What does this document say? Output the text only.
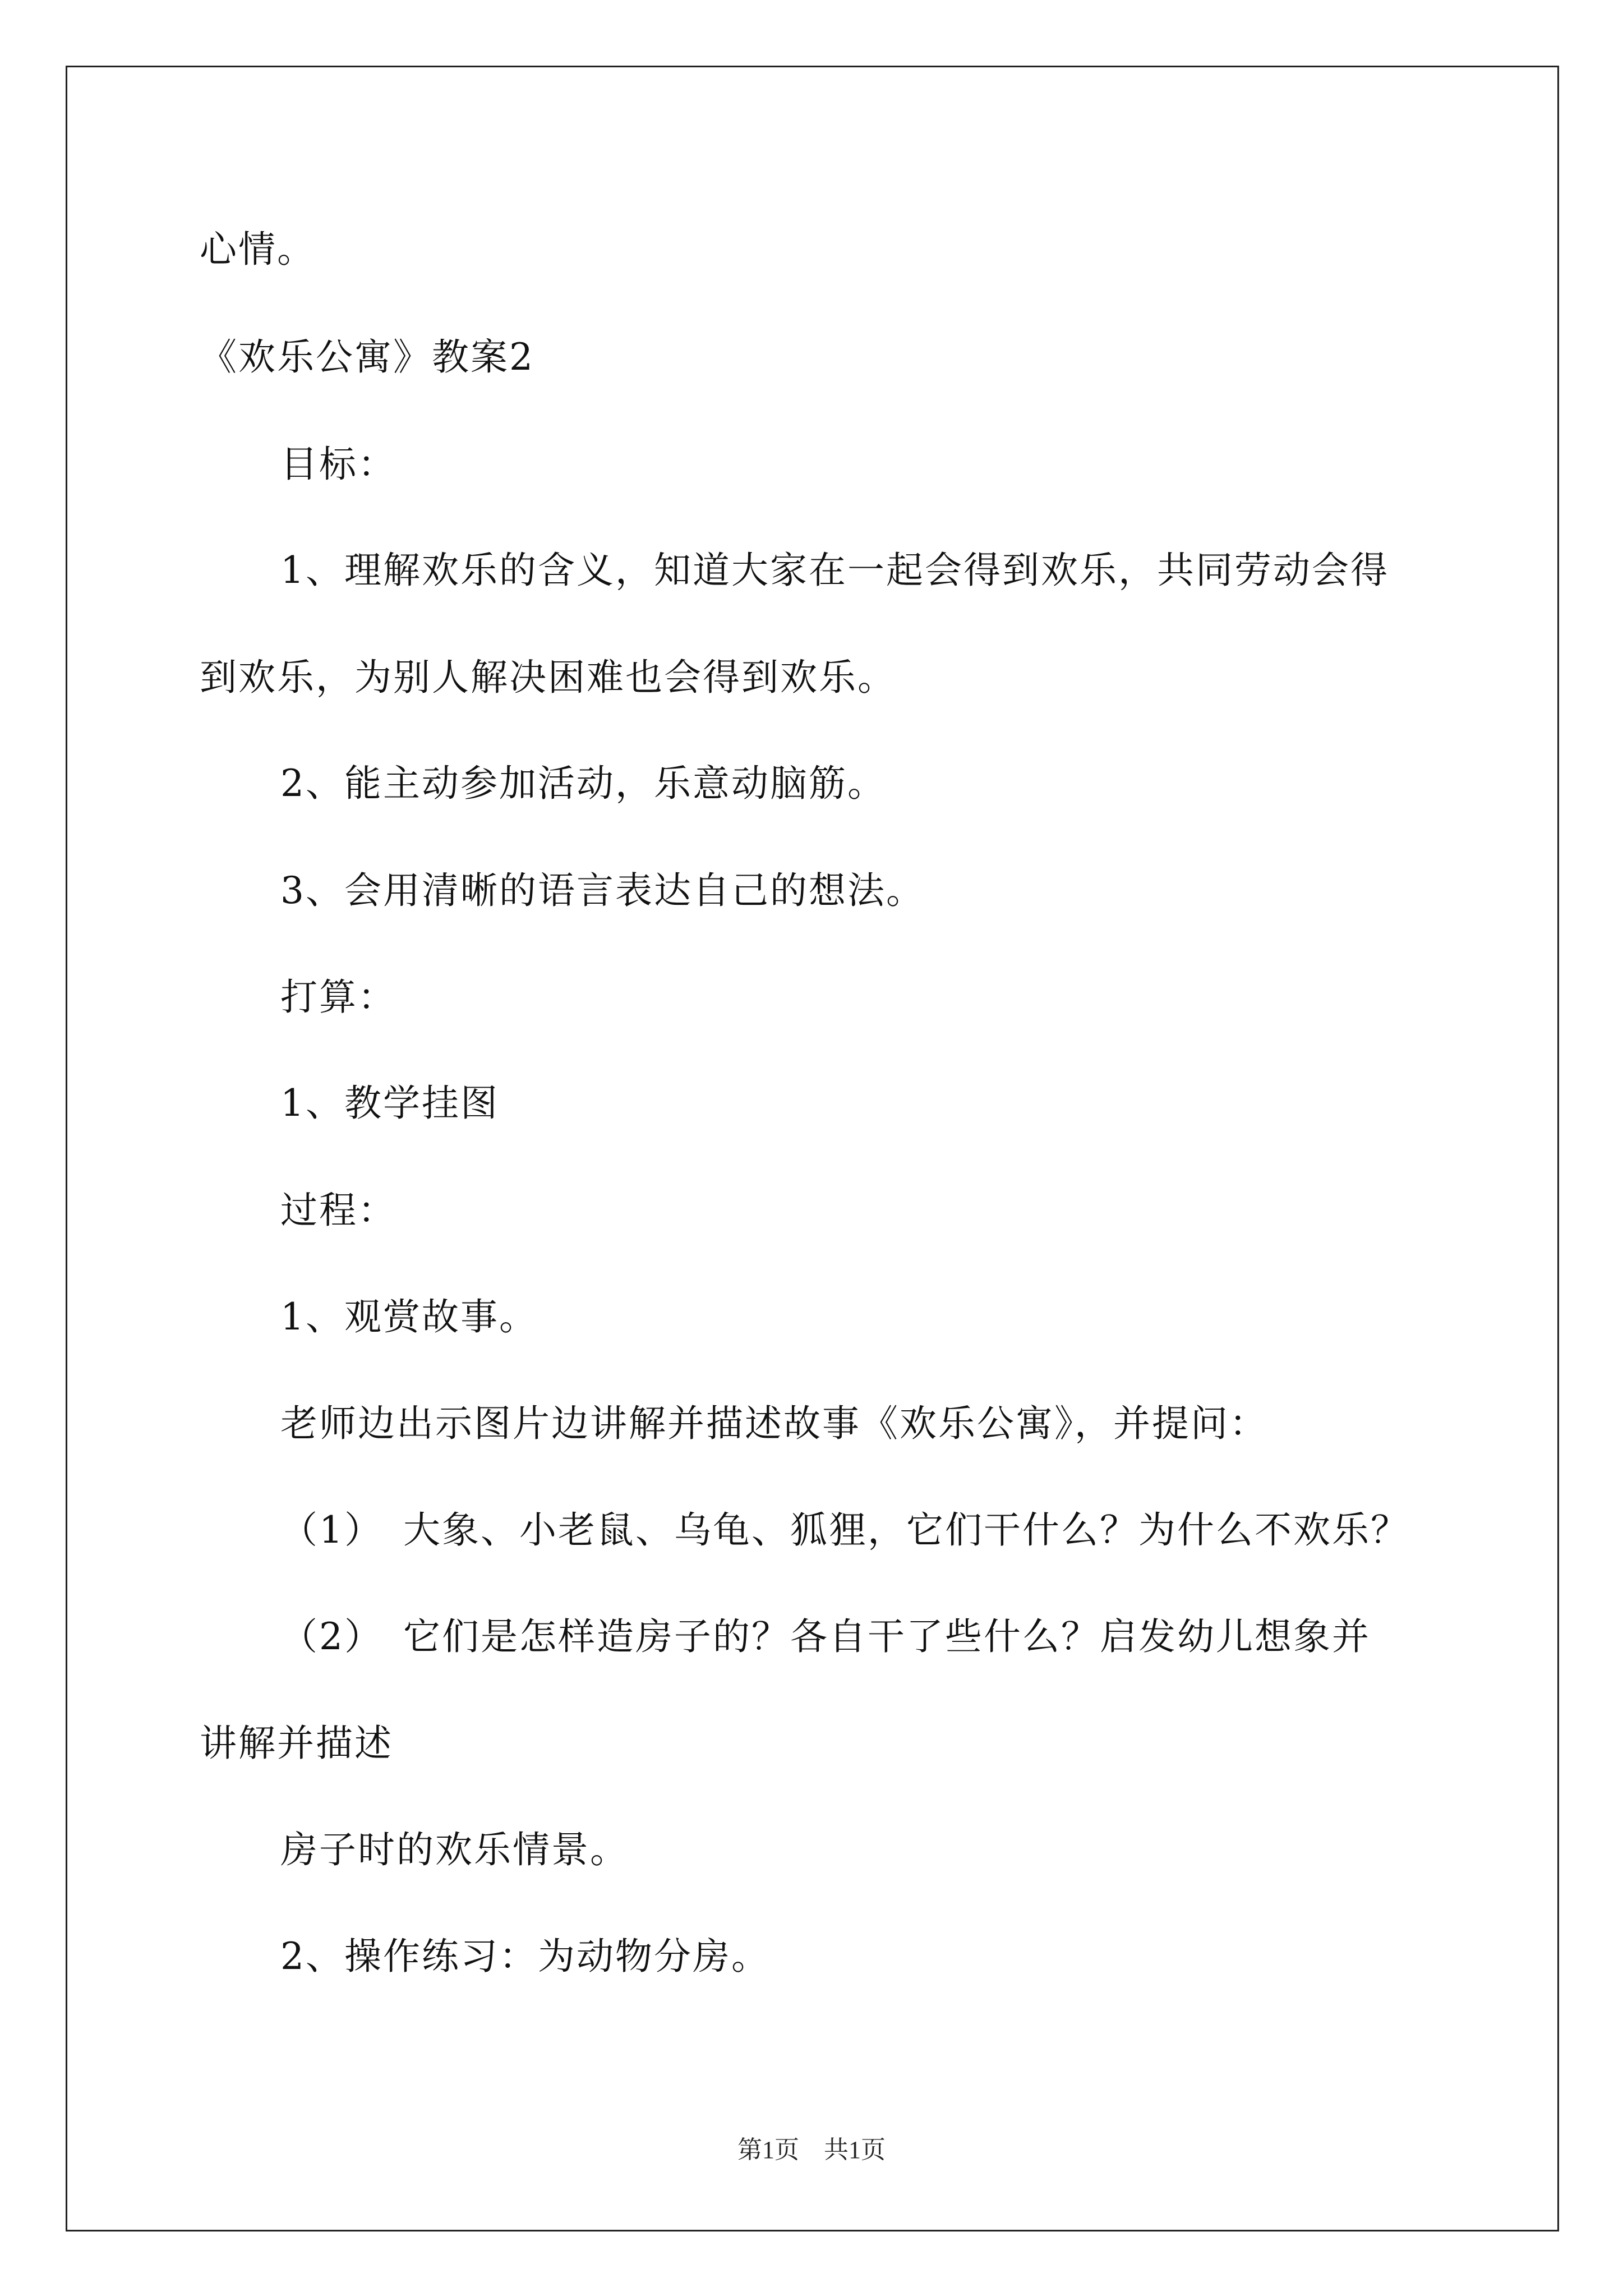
心情。
《欢乐公寓》教案2
目标：
1、理解欢乐的含义，知道大家在一起会得到欢乐，共同劳动会得
到欢乐，为别人解决困难也会得到欢乐。
2、能主动参加活动，乐意动脑筋。
3、会用清晰的语言表达自己的想法。
打算：
1、教学挂图
过程：
1、观赏故事。
老师边出示图片边讲解并描述故事《欢乐公寓》，并提问：
（1）　大象、小老鼠、乌龟、狐狸，它们干什么？为什么不欢乐？
（2）　它们是怎样造房子的？各自干了些什么？启发幼儿想象并
讲解并描述
房子时的欢乐情景。
2、操作练习：为动物分房。
第1页　共1页
